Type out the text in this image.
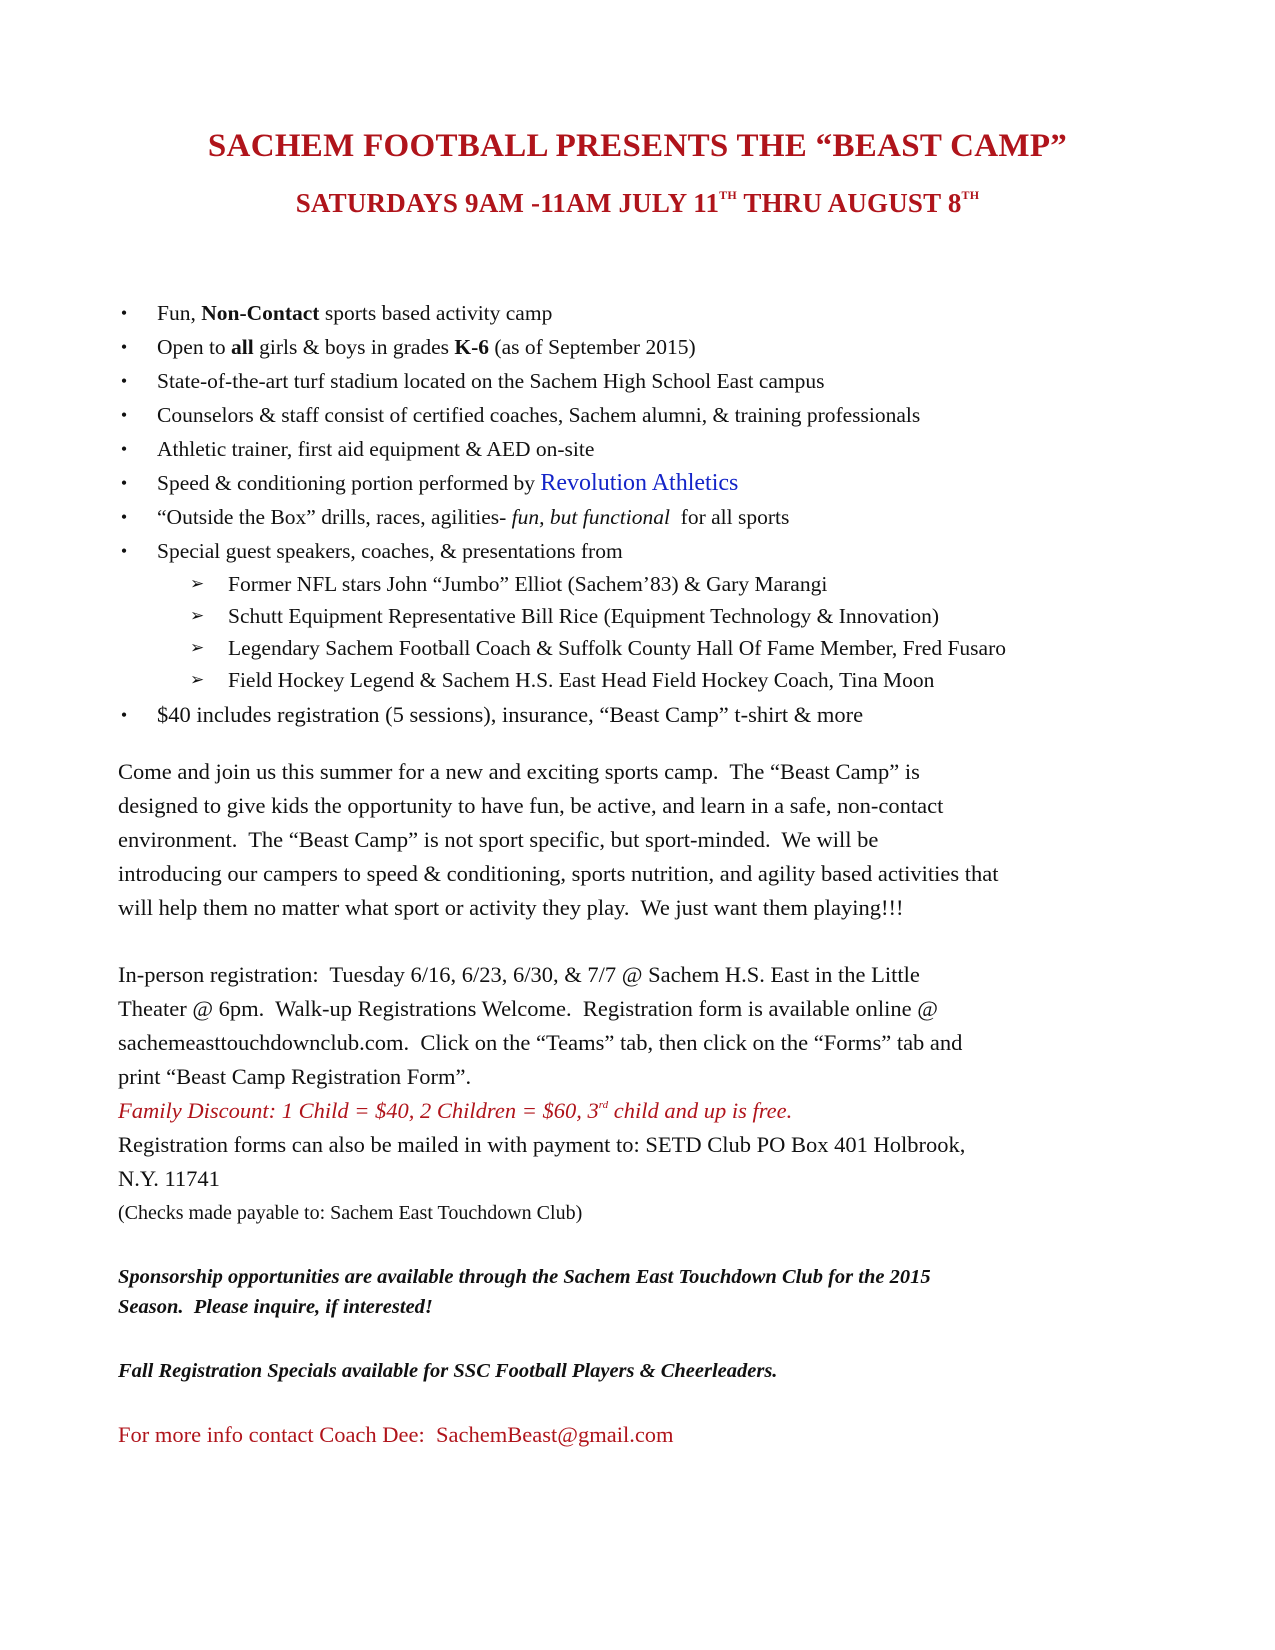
SACHEM FOOTBALL PRESENTS THE “BEAST CAMP”
SATURDAYS 9AM -11AM JULY 11TH THRU AUGUST 8TH
• Fun, Non-Contact sports based activity camp
• Open to all girls & boys in grades K-6 (as of September 2015)
• State-of-the-art turf stadium located on the Sachem High School East campus
• Counselors & staff consist of certified coaches, Sachem alumni, & training professionals
• Athletic trainer, first aid equipment & AED on-site
• Speed & conditioning portion performed by Revolution Athletics
• “Outside the Box” drills, races, agilities- fun, but functional  for all sports
• Special guest speakers, coaches, & presentations from
➢ Former NFL stars John “Jumbo” Elliot (Sachem’83) & Gary Marangi
➢ Schutt Equipment Representative Bill Rice (Equipment Technology & Innovation)
➢ Legendary Sachem Football Coach & Suffolk County Hall Of Fame Member, Fred Fusaro
➢ Field Hockey Legend & Sachem H.S. East Head Field Hockey Coach, Tina Moon
• $40 includes registration (5 sessions), insurance, “Beast Camp” t-shirt & more
Come and join us this summer for a new and exciting sports camp.  The “Beast Camp” is
designed to give kids the opportunity to have fun, be active, and learn in a safe, non-contact
environment.  The “Beast Camp” is not sport specific, but sport-minded.  We will be
introducing our campers to speed & conditioning, sports nutrition, and agility based activities that
will help them no matter what sport or activity they play.  We just want them playing!!!
In-person registration:  Tuesday 6/16, 6/23, 6/30, & 7/7 @ Sachem H.S. East in the Little
Theater @ 6pm.  Walk-up Registrations Welcome.  Registration form is available online @
sachemeasttouchdownclub.com.  Click on the “Teams” tab, then click on the “Forms” tab and
print “Beast Camp Registration Form”.
Family Discount: 1 Child = $40, 2 Children = $60, 3rd child and up is free.
Registration forms can also be mailed in with payment to: SETD Club PO Box 401 Holbrook,
N.Y. 11741
(Checks made payable to: Sachem East Touchdown Club)
Sponsorship opportunities are available through the Sachem East Touchdown Club for the 2015
Season.  Please inquire, if interested!
Fall Registration Specials available for SSC Football Players & Cheerleaders.
For more info contact Coach Dee:  SachemBeast@gmail.com
